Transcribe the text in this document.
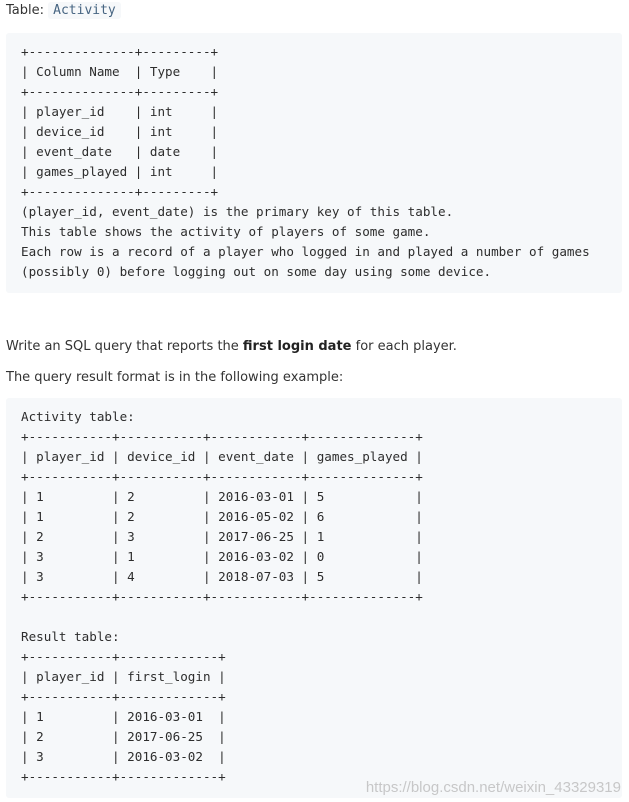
Table: Activity
+--------------+---------+
| Column Name  | Type    |
+--------------+---------+
| player_id    | int     |
| device_id    | int     |
| event_date   | date    |
| games_played | int     |
+--------------+---------+
(player_id, event_date) is the primary key of this table.
This table shows the activity of players of some game.
Each row is a record of a player who logged in and played a number of games
(possibly 0) before logging out on some day using some device.
Write an SQL query that reports the first login date for each player.
The query result format is in the following example:
Activity table:
+-----------+-----------+------------+--------------+
| player_id | device_id | event_date | games_played |
+-----------+-----------+------------+--------------+
| 1         | 2         | 2016-03-01 | 5            |
| 1         | 2         | 2016-05-02 | 6            |
| 2         | 3         | 2017-06-25 | 1            |
| 3         | 1         | 2016-03-02 | 0            |
| 3         | 4         | 2018-07-03 | 5            |
+-----------+-----------+------------+--------------+

Result table:
+-----------+-------------+
| player_id | first_login |
+-----------+-------------+
| 1         | 2016-03-01  |
| 2         | 2017-06-25  |
| 3         | 2016-03-02  |
+-----------+-------------+
https://blog.csdn.net/weixin_43329319
